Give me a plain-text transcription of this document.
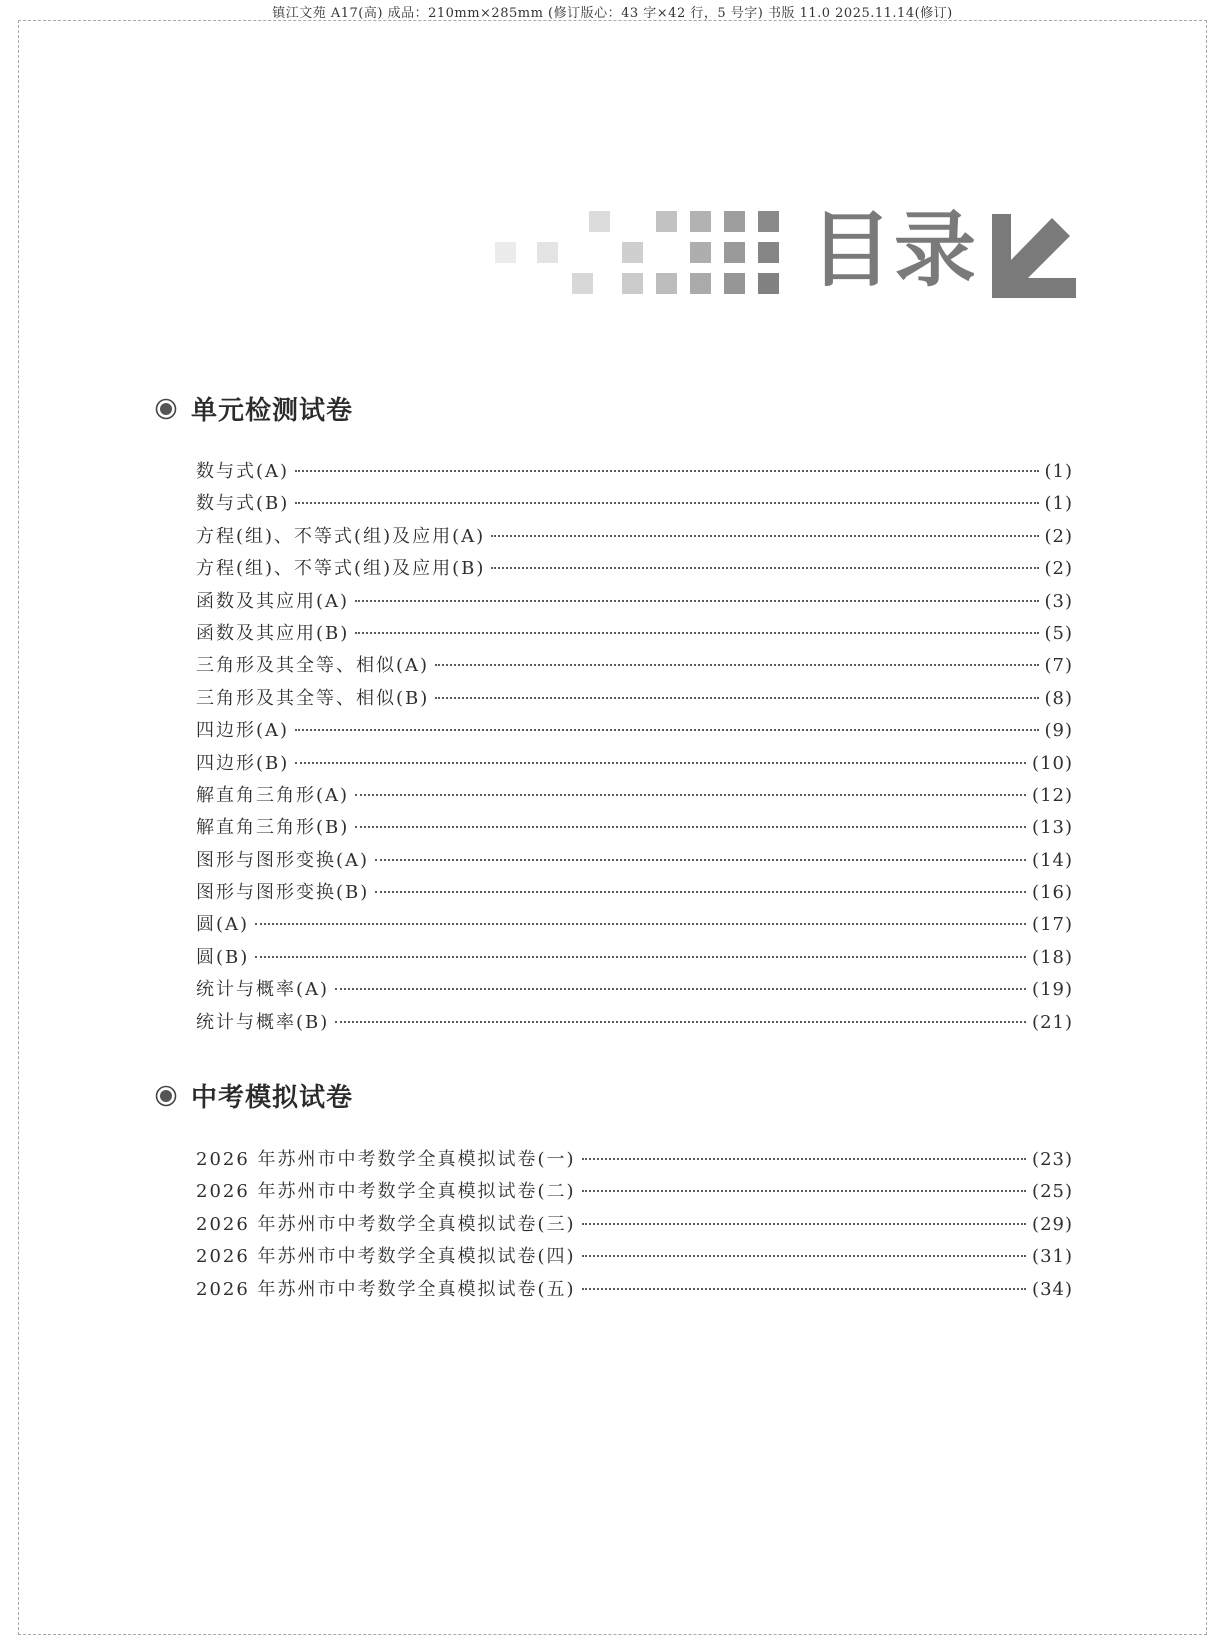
镇江文苑 A17(高) 成品：210mm×285mm (修订版心：43 字×42 行，5 号字) 书版 11.0 2025.11.14(修订)
目录
单元检测试卷
数与式(A)	(1)
数与式(B)	(1)
方程(组)、不等式(组)及应用(A)	(2)
方程(组)、不等式(组)及应用(B)	(2)
函数及其应用(A)	(3)
函数及其应用(B)	(5)
三角形及其全等、相似(A)	(7)
三角形及其全等、相似(B)	(8)
四边形(A)	(9)
四边形(B)	(10)
解直角三角形(A)	(12)
解直角三角形(B)	(13)
图形与图形变换(A)	(14)
图形与图形变换(B)	(16)
圆(A)	(17)
圆(B)	(18)
统计与概率(A)	(19)
统计与概率(B)	(21)
中考模拟试卷
2026 年苏州市中考数学全真模拟试卷(一)	(23)
2026 年苏州市中考数学全真模拟试卷(二)	(25)
2026 年苏州市中考数学全真模拟试卷(三)	(29)
2026 年苏州市中考数学全真模拟试卷(四)	(31)
2026 年苏州市中考数学全真模拟试卷(五)	(34)
